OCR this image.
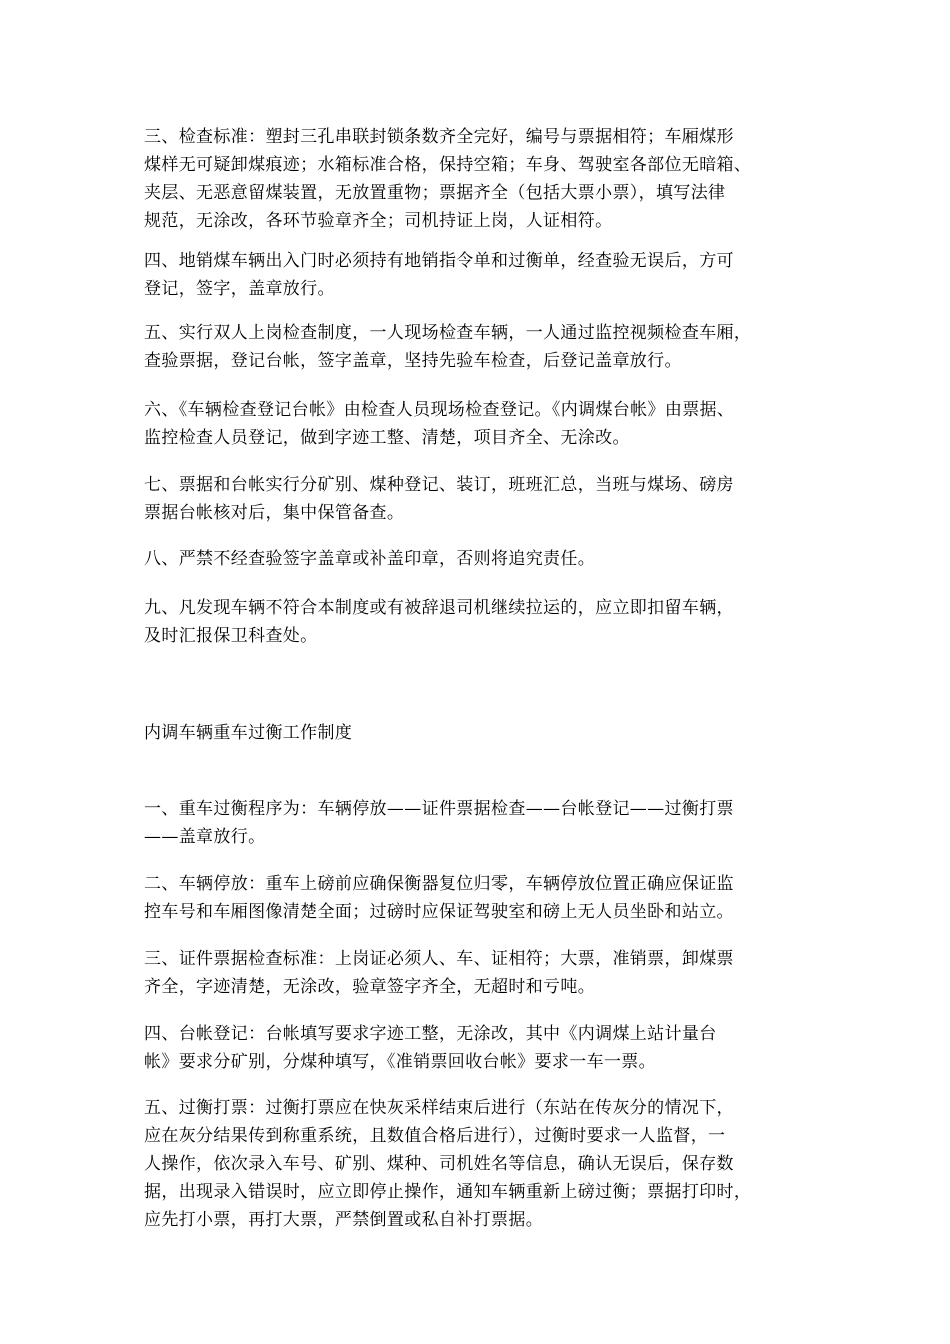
三、检查标准：塑封三孔串联封锁条数齐全完好，编号与票据相符；车厢煤形
煤样无可疑卸煤痕迹；水箱标准合格，保持空箱；车身、驾驶室各部位无暗箱、
夹层、无恶意留煤装置，无放置重物；票据齐全（包括大票小票），填写法律
规范，无涂改，各环节验章齐全；司机持证上岗，人证相符。

四、地销煤车辆出入门时必须持有地销指令单和过衡单，经查验无误后，方可
登记，签字，盖章放行。

五、实行双人上岗检查制度，一人现场检查车辆，一人通过监控视频检查车厢，
查验票据，登记台帐，签字盖章，坚持先验车检查，后登记盖章放行。

六、《车辆检查登记台帐》由检查人员现场检查登记。《内调煤台帐》由票据、
监控检查人员登记，做到字迹工整、清楚，项目齐全、无涂改。

七、票据和台帐实行分矿别、煤种登记、装订，班班汇总，当班与煤场、磅房
票据台帐核对后，集中保管备查。

八、严禁不经查验签字盖章或补盖印章，否则将追究责任。

九、凡发现车辆不符合本制度或有被辞退司机继续拉运的，应立即扣留车辆，
及时汇报保卫科查处。

内调车辆重车过衡工作制度

一、重车过衡程序为：车辆停放——证件票据检查——台帐登记——过衡打票
——盖章放行。

二、车辆停放：重车上磅前应确保衡器复位归零，车辆停放位置正确应保证监
控车号和车厢图像清楚全面；过磅时应保证驾驶室和磅上无人员坐卧和站立。

三、证件票据检查标准：上岗证必须人、车、证相符；大票，准销票，卸煤票
齐全，字迹清楚，无涂改，验章签字齐全，无超时和亏吨。

四、台帐登记：台帐填写要求字迹工整，无涂改，其中《内调煤上站计量台
帐》要求分矿别，分煤种填写，《准销票回收台帐》要求一车一票。

五、过衡打票：过衡打票应在快灰采样结束后进行（东站在传灰分的情况下，
应在灰分结果传到称重系统，且数值合格后进行），过衡时要求一人监督，一
人操作，依次录入车号、矿别、煤种、司机姓名等信息，确认无误后，保存数
据，出现录入错误时，应立即停止操作，通知车辆重新上磅过衡；票据打印时，
应先打小票，再打大票，严禁倒置或私自补打票据。
